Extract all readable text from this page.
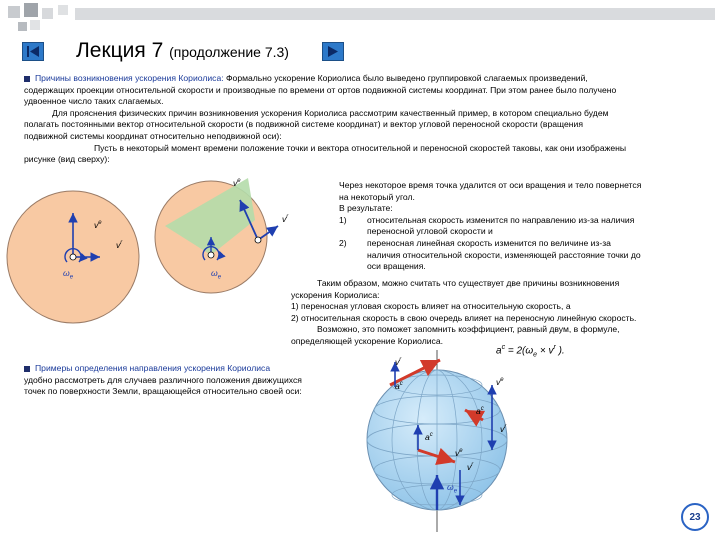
Лекция 7 (продолжение 7.3)
Причины возникновения ускорения Кориолиса: Формально ускорение Кориолиса было выведено группировкой слагаемых произведений,
содержащих проекции относительной скорости и производные по времени от ортов подвижной системы координат. При этом ранее было получено
удвоенное число таких слагаемых.
Для прояснения физических причин возникновения ускорения Кориолиса рассмотрим качественный пример, в котором специально будем
полагать постоянными вектор относительной скорости (в подвижной системе координат) и вектор угловой переносной скорости (вращения
подвижной системы координат относительно неподвижной оси):
Пусть в некоторый момент времени положение точки и вектора относительной и переносной скоростей таковы, как они изображены
рисунке (вид сверху):
Через некоторое время точка удалится от оси вращения и тело повернется
на некоторый угол.
В результате:
1) относительная скорость изменится по направлению из-за наличия
переносной угловой скорости и
2) переносная линейная скорость изменится по величине из-за
наличия относительной скорости, изменяющей расстояние точки до
оси вращения.
Таким образом, можно считать что существует две причины возникновения
ускорения Кориолиса:
1) переносная угловая скорость влияет на относительную скорость, а
2) относительная скорость в свою очередь влияет на переносную линейную скорость.
Возможно, это поможет запомнить коэффициент, равный двум, в формуле,
определяющей ускорение Кориолиса.
$a^c = 2(\omega_e \times v^r$ ).
Примеры определения направления ускорения Кориолиса
удобно рассмотреть для случаев различного положения движущихся
точек по поверхности Земли, вращающейся относительно своей оси:
$v^e$
$v^r$
$v^e$
$v^r$
$\omega_e$	$\omega_e$
$v^r$
$a^c$	$v^e$
$a^c$
$v^r$
$a^c$
$v^e$
$v^r$
$\omega_e$
23
